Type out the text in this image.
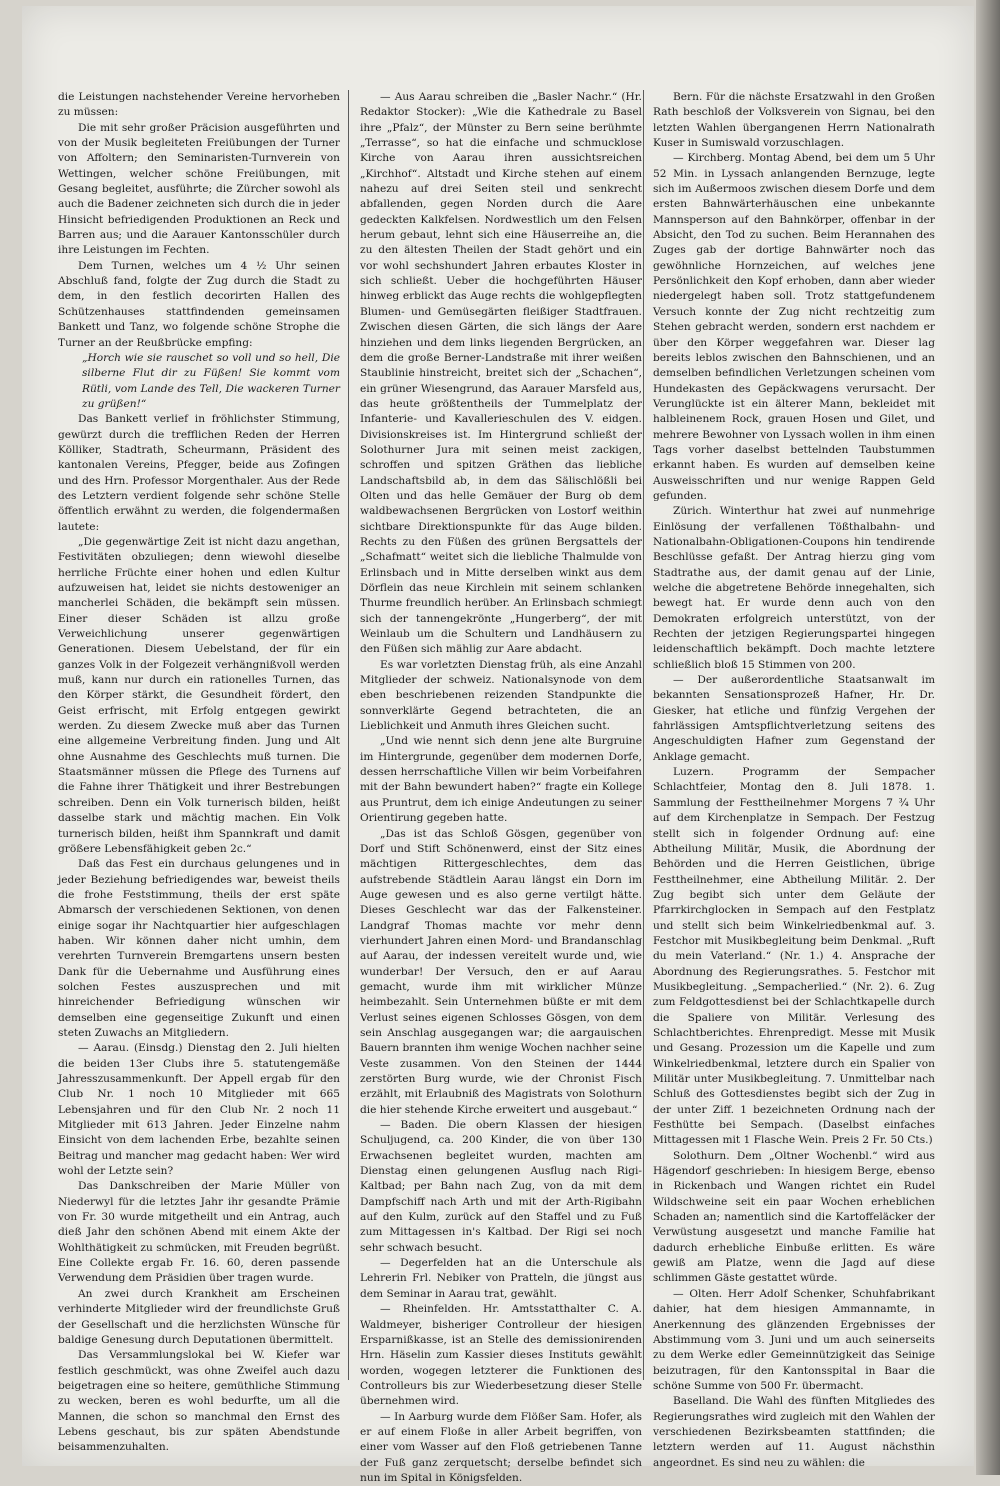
die Leistungen nachstehender Vereine hervorheben zu müssen:

Die mit sehr großer Präcision ausgeführten und von der Musik begleiteten Freiübungen der Turner von Affoltern; den Seminaristen-Turnverein von Wettingen, welcher schöne Freiübungen, mit Gesang begleitet, ausführte; die Zürcher sowohl als auch die Badener zeichneten sich durch die in jeder Hinsicht befriedigenden Produktionen an Reck und Barren aus; und die Aarauer Kantonsschüler durch ihre Leistungen im Fechten.

Dem Turnen, welches um 4 ½ Uhr seinen Abschluß fand, folgte der Zug durch die Stadt zu dem, in den festlich decorirten Hallen des Schützenhauses stattfindenden gemeinsamen Bankett und Tanz, wo folgende schöne Strophe die Turner an der Reußbrücke empfing:

„Horch wie sie rauschet so voll und so hell, Die silberne Flut dir zu Füßen! Sie kommt vom Rütli, vom Lande des Tell, Die wackeren Turner zu grüßen!“

Das Bankett verlief in fröhlichster Stimmung, gewürzt durch die trefflichen Reden der Herren Kölliker, Stadtrath, Scheurmann, Präsident des kantonalen Vereins, Pfegger, beide aus Zofingen und des Hrn. Professor Morgenthaler. Aus der Rede des Letztern verdient folgende sehr schöne Stelle öffentlich erwähnt zu werden, die folgendermaßen lautete:

„Die gegenwärtige Zeit ist nicht dazu angethan, Festivitäten obzuliegen; denn wiewohl dieselbe herrliche Früchte einer hohen und edlen Kultur aufzuweisen hat, leidet sie nichts destoweniger an mancherlei Schäden, die bekämpft sein müssen. Einer dieser Schäden ist allzu große Verweichlichung unserer gegenwärtigen Generationen. Diesem Uebelstand, der für ein ganzes Volk in der Folgezeit verhängnißvoll werden muß, kann nur durch ein rationelles Turnen, das den Körper stärkt, die Gesundheit fördert, den Geist erfrischt, mit Erfolg entgegen gewirkt werden. Zu diesem Zwecke muß aber das Turnen eine allgemeine Verbreitung finden. Jung und Alt ohne Ausnahme des Geschlechts muß turnen. Die Staatsmänner müssen die Pflege des Turnens auf die Fahne ihrer Thätigkeit und ihrer Bestrebungen schreiben. Denn ein Volk turnerisch bilden, heißt dasselbe stark und mächtig machen. Ein Volk turnerisch bilden, heißt ihm Spannkraft und damit größere Lebensfähigkeit geben 2c.“

Daß das Fest ein durchaus gelungenes und in jeder Beziehung befriedigendes war, beweist theils die frohe Feststimmung, theils der erst späte Abmarsch der verschiedenen Sektionen, von denen einige sogar ihr Nachtquartier hier aufgeschlagen haben. Wir können daher nicht umhin, dem verehrten Turnverein Bremgartens unsern besten Dank für die Uebernahme und Ausführung eines solchen Festes auszusprechen und mit hinreichender Befriedigung wünschen wir demselben eine gegenseitige Zukunft und einen steten Zuwachs an Mitgliedern.

— Aarau. (Einsdg.) Dienstag den 2. Juli hielten die beiden 13er Clubs ihre 5. statutengemäße Jahresszusammenkunft. Der Appell ergab für den Club Nr. 1 noch 10 Mitglieder mit 665 Lebensjahren und für den Club Nr. 2 noch 11 Mitglieder mit 613 Jahren. Jeder Einzelne nahm Einsicht von dem lachenden Erbe, bezahlte seinen Beitrag und mancher mag gedacht haben: Wer wird wohl der Letzte sein?

Das Dankschreiben der Marie Müller von Niederwyl für die letztes Jahr ihr gesandte Prämie von Fr. 30 wurde mitgetheilt und ein Antrag, auch dieß Jahr den schönen Abend mit einem Akte der Wohlthätigkeit zu schmücken, mit Freuden begrüßt. Eine Collekte ergab Fr. 16. 60, deren passende Verwendung dem Präsidien über tragen wurde.

An zwei durch Krankheit am Erscheinen verhinderte Mitglieder wird der freundlichste Gruß der Gesellschaft und die herzlichsten Wünsche für baldige Genesung durch Deputationen übermittelt.

Das Versammlungslokal bei W. Kiefer war festlich geschmückt, was ohne Zweifel auch dazu beigetragen eine so heitere, gemüthliche Stimmung zu wecken, beren es wohl bedurfte, um all die Mannen, die schon so manchmal den Ernst des Lebens geschaut, bis zur späten Abendstunde beisammenzuhalten.

— Aus Aarau schreiben die „Basler Nachr.“ (Hr. Redaktor Stocker): „Wie die Kathedrale zu Basel ihre „Pfalz“, der Münster zu Bern seine berühmte „Terrasse“, so hat die einfache und schmucklose Kirche von Aarau ihren aussichtsreichen „Kirchhof“. Altstadt und Kirche stehen auf einem nahezu auf drei Seiten steil und senkrecht abfallenden, gegen Norden durch die Aare gedeckten Kalkfelsen. Nordwestlich um den Felsen herum gebaut, lehnt sich eine Häuserreihe an, die zu den ältesten Theilen der Stadt gehört und ein vor wohl sechshundert Jahren erbautes Kloster in sich schließt. Ueber die hochgeführten Häuser hinweg erblickt das Auge rechts die wohlgepflegten Blumen- und Gemüsegärten fleißiger Stadtfrauen. Zwischen diesen Gärten, die sich längs der Aare hinziehen und dem links liegenden Bergrücken, an dem die große Berner-Landstraße mit ihrer weißen Staublinie hinstreicht, breitet sich der „Schachen“, ein grüner Wiesengrund, das Aarauer Marsfeld aus, das heute größtentheils der Tummelplatz der Infanterie- und Kavallerieschulen des V. eidgen. Divisionskreises ist. Im Hintergrund schließt der Solothurner Jura mit seinen meist zackigen, schroffen und spitzen Gräthen das liebliche Landschaftsbild ab, in dem das Sälischlößli bei Olten und das helle Gemäuer der Burg ob dem waldbewachsenen Bergrücken von Lostorf weithin sichtbare Direktionspunkte für das Auge bilden. Rechts zu den Füßen des grünen Bergsattels der „Schafmatt“ weitet sich die liebliche Thalmulde von Erlinsbach und in Mitte derselben winkt aus dem Dörflein das neue Kirchlein mit seinem schlanken Thurme freundlich herüber. An Erlinsbach schmiegt sich der tannengekrönte „Hungerberg“, der mit Weinlaub um die Schultern und Landhäusern zu den Füßen sich mählig zur Aare abdacht.

Es war vorletzten Dienstag früh, als eine Anzahl Mitglieder der schweiz. Nationalsynode von dem eben beschriebenen reizenden Standpunkte die sonnverklärte Gegend betrachteten, die an Lieblichkeit und Anmuth ihres Gleichen sucht.

„Und wie nennt sich denn jene alte Burgruine im Hintergrunde, gegenüber dem modernen Dorfe, dessen herrschaftliche Villen wir beim Vorbeifahren mit der Bahn bewundert haben?“ fragte ein Kollege aus Pruntrut, dem ich einige Andeutungen zu seiner Orientirung gegeben hatte.

„Das ist das Schloß Gösgen, gegenüber von Dorf und Stift Schönenwerd, einst der Sitz eines mächtigen Rittergeschlechtes, dem das aufstrebende Städtlein Aarau längst ein Dorn im Auge gewesen und es also gerne vertilgt hätte. Dieses Geschlecht war das der Falkensteiner. Landgraf Thomas machte vor mehr denn vierhundert Jahren einen Mord- und Brandanschlag auf Aarau, der indessen vereitelt wurde und, wie wunderbar! Der Versuch, den er auf Aarau gemacht, wurde ihm mit wirklicher Münze heimbezahlt. Sein Unternehmen büßte er mit dem Verlust seines eigenen Schlosses Gösgen, von dem sein Anschlag ausgegangen war; die aargauischen Bauern brannten ihm wenige Wochen nachher seine Veste zusammen. Von den Steinen der 1444 zerstörten Burg wurde, wie der Chronist Fisch erzählt, mit Erlaubniß des Magistrats von Solothurn die hier stehende Kirche erweitert und ausgebaut.“

— Baden. Die obern Klassen der hiesigen Schuljugend, ca. 200 Kinder, die von über 130 Erwachsenen begleitet wurden, machten am Dienstag einen gelungenen Ausflug nach Rigi-Kaltbad; per Bahn nach Zug, von da mit dem Dampfschiff nach Arth und mit der Arth-Rigibahn auf den Kulm, zurück auf den Staffel und zu Fuß zum Mittagessen in's Kaltbad. Der Rigi sei noch sehr schwach besucht.

— Degerfelden hat an die Unterschule als Lehrerin Frl. Nebiker von Pratteln, die jüngst aus dem Seminar in Aarau trat, gewählt.

— Rheinfelden. Hr. Amtsstatthalter C. A. Waldmeyer, bisheriger Controlleur der hiesigen Ersparnißkasse, ist an Stelle des demissionirenden Hrn. Häselin zum Kassier dieses Instituts gewählt worden, wogegen letzterer die Funktionen des Controlleurs bis zur Wiederbesetzung dieser Stelle übernehmen wird.

— In Aarburg wurde dem Flößer Sam. Hofer, als er auf einem Floße in aller Arbeit begriffen, von einer vom Wasser auf den Floß getriebenen Tanne der Fuß ganz zerquetscht; derselbe befindet sich nun im Spital in Königsfelden.

Bern. Für die nächste Ersatzwahl in den Großen Rath beschloß der Volksverein von Signau, bei den letzten Wahlen übergangenen Herrn Nationalrath Kuser in Sumiswald vorzuschlagen.

— Kirchberg. Montag Abend, bei dem um 5 Uhr 52 Min. in Lyssach anlangenden Bernzuge, legte sich im Außermoos zwischen diesem Dorfe und dem ersten Bahnwärterhäuschen eine unbekannte Mannsperson auf den Bahnkörper, offenbar in der Absicht, den Tod zu suchen. Beim Herannahen des Zuges gab der dortige Bahnwärter noch das gewöhnliche Hornzeichen, auf welches jene Persönlichkeit den Kopf erhoben, dann aber wieder niedergelegt haben soll. Trotz stattgefundenem Versuch konnte der Zug nicht rechtzeitig zum Stehen gebracht werden, sondern erst nachdem er über den Körper weggefahren war. Dieser lag bereits leblos zwischen den Bahnschienen, und an demselben befindlichen Verletzungen scheinen vom Hundekasten des Gepäckwagens verursacht. Der Verunglückte ist ein älterer Mann, bekleidet mit halbleinenem Rock, grauen Hosen und Gilet, und mehrere Bewohner von Lyssach wollen in ihm einen Tags vorher daselbst bettelnden Taubstummen erkannt haben. Es wurden auf demselben keine Ausweisschriften und nur wenige Rappen Geld gefunden.

Zürich. Winterthur hat zwei auf nunmehrige Einlösung der verfallenen Tößthalbahn- und Nationalbahn-Obligationen-Coupons hin tendirende Beschlüsse gefaßt. Der Antrag hierzu ging vom Stadtrathe aus, der damit genau auf der Linie, welche die abgetretene Behörde innegehalten, sich bewegt hat. Er wurde denn auch von den Demokraten erfolgreich unterstützt, von der Rechten der jetzigen Regierungspartei hingegen leidenschaftlich bekämpft. Doch machte letztere schließlich bloß 15 Stimmen von 200.

— Der außerordentliche Staatsanwalt im bekannten Sensationsprozeß Hafner, Hr. Dr. Giesker, hat etliche und fünfzig Vergehen der fahrlässigen Amtspflichtverletzung seitens des Angeschuldigten Hafner zum Gegenstand der Anklage gemacht.

Luzern. Programm der Sempacher Schlachtfeier, Montag den 8. Juli 1878. 1. Sammlung der Festtheilnehmer Morgens 7 ¾ Uhr auf dem Kirchenplatze in Sempach. Der Festzug stellt sich in folgender Ordnung auf: eine Abtheilung Militär, Musik, die Abordnung der Behörden und die Herren Geistlichen, übrige Festtheilnehmer, eine Abtheilung Militär. 2. Der Zug begibt sich unter dem Geläute der Pfarrkirchglocken in Sempach auf den Festplatz und stellt sich beim Winkelriedbenkmal auf. 3. Festchor mit Musikbegleitung beim Denkmal. „Ruft du mein Vaterland.“ (Nr. 1.) 4. Ansprache der Abordnung des Regierungsrathes. 5. Festchor mit Musikbegleitung. „Sempacherlied.“ (Nr. 2). 6. Zug zum Feldgottesdienst bei der Schlachtkapelle durch die Spaliere von Militär. Verlesung des Schlachtberichtes. Ehrenpredigt. Messe mit Musik und Gesang. Prozession um die Kapelle und zum Winkelriedbenkmal, letztere durch ein Spalier von Militär unter Musikbegleitung. 7. Unmittelbar nach Schluß des Gottesdienstes begibt sich der Zug in der unter Ziff. 1 bezeichneten Ordnung nach der Festhütte bei Sempach. (Daselbst einfaches Mittagessen mit 1 Flasche Wein. Preis 2 Fr. 50 Cts.)

Solothurn. Dem „Oltner Wochenbl.“ wird aus Hägendorf geschrieben: In hiesigem Berge, ebenso in Rickenbach und Wangen richtet ein Rudel Wildschweine seit ein paar Wochen erheblichen Schaden an; namentlich sind die Kartoffeläcker der Verwüstung ausgesetzt und manche Familie hat dadurch erhebliche Einbuße erlitten. Es wäre gewiß am Platze, wenn die Jagd auf diese schlimmen Gäste gestattet würde.

— Olten. Herr Adolf Schenker, Schuhfabrikant dahier, hat dem hiesigen Ammannamte, in Anerkennung des glänzenden Ergebnisses der Abstimmung vom 3. Juni und um auch seinerseits zu dem Werke edler Gemeinnützigkeit das Seinige beizutragen, für den Kantonsspital in Baar die schöne Summe von 500 Fr. übermacht.

Baselland. Die Wahl des fünften Mitgliedes des Regierungsrathes wird zugleich mit den Wahlen der verschiedenen Bezirksbeamten stattfinden; die letztern werden auf 11. August nächsthin angeordnet. Es sind neu zu wählen: die
